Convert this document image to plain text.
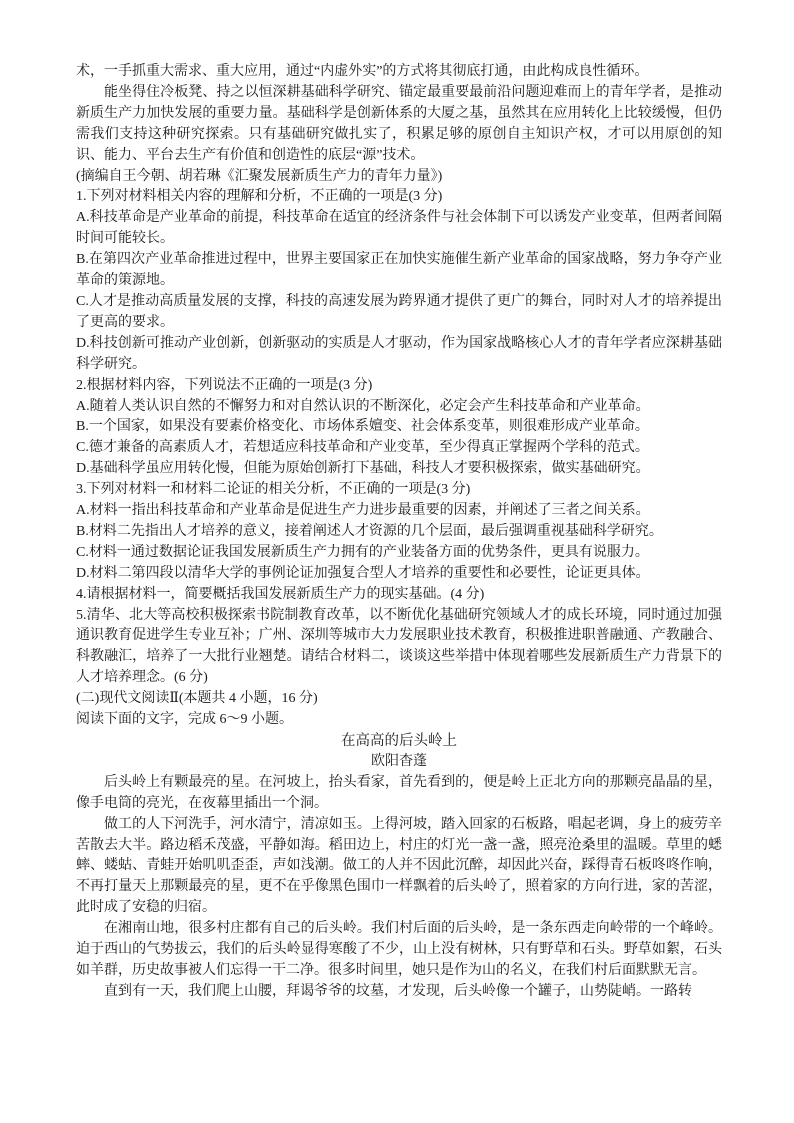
术，一手抓重大需求、重大应用，通过“内虚外实”的方式将其彻底打通，由此构成良性循环。

能坐得住冷板凳、持之以恒深耕基础科学研究、锚定最重要最前沿问题迎难而上的青年学者，是推动新质生产力加快发展的重要力量。基础科学是创新体系的大厦之基，虽然其在应用转化上比较缓慢，但仍需我们支持这种研究探索。只有基础研究做扎实了，积累足够的原创自主知识产权，才可以用原创的知识、能力、平台去生产有价值和创造性的底层“源”技术。

(摘编自王今朝、胡若琳《汇聚发展新质生产力的青年力量》)

1.下列对材料相关内容的理解和分析，不正确的一项是(3 分)

A.科技革命是产业革命的前提，科技革命在适宜的经济条件与社会体制下可以诱发产业变革，但两者间隔时间可能较长。

B.在第四次产业革命推进过程中，世界主要国家正在加快实施催生新产业革命的国家战略，努力争夺产业革命的策源地。

C.人才是推动高质量发展的支撑，科技的高速发展为跨界通才提供了更广的舞台，同时对人才的培养提出了更高的要求。

D.科技创新可推动产业创新，创新驱动的实质是人才驱动，作为国家战略核心人才的青年学者应深耕基础科学研究。

2.根据材料内容，下列说法不正确的一项是(3 分)

A.随着人类认识自然的不懈努力和对自然认识的不断深化，必定会产生科技革命和产业革命。

B.一个国家，如果没有要素价格变化、市场体系嬗变、社会体系变革，则很难形成产业革命。

C.德才兼备的高素质人才，若想适应科技革命和产业变革，至少得真正掌握两个学科的范式。

D.基础科学虽应用转化慢，但能为原始创新打下基础，科技人才要积极探索，做实基础研究。

3.下列对材料一和材料二论证的相关分析，不正确的一项是(3 分)

A.材料一指出科技革命和产业革命是促进生产力进步最重要的因素，并阐述了三者之间关系。

B.材料二先指出人才培养的意义，接着阐述人才资源的几个层面，最后强调重视基础科学研究。

C.材料一通过数据论证我国发展新质生产力拥有的产业装备方面的优势条件，更具有说服力。

D.材料二第四段以清华大学的事例论证加强复合型人才培养的重要性和必要性，论证更具体。

4.请根据材料一，简要概括我国发展新质生产力的现实基础。(4 分)

5.清华、北大等高校积极探索书院制教育改革，以不断优化基础研究领域人才的成长环境，同时通过加强通识教育促进学生专业互补；广州、深圳等城市大力发展职业技术教育，积极推进职普融通、产教融合、科教融汇，培养了一大批行业翘楚。请结合材料二，谈谈这些举措中体现着哪些发展新质生产力背景下的人才培养理念。(6 分)

(二)现代文阅读Ⅱ(本题共 4 小题，16 分)

阅读下面的文字，完成 6～9 小题。

在高高的后头岭上

欧阳杳蓬

后头岭上有颗最亮的星。在河坡上，抬头看家，首先看到的，便是岭上正北方向的那颗亮晶晶的星，像手电筒的亮光，在夜幕里插出一个洞。

做工的人下河洗手，河水清宁，清凉如玉。上得河坡，踏入回家的石板路，唱起老调，身上的疲劳辛苦散去大半。路边稻禾茂盛，平静如海。稻田边上，村庄的灯光一盏一盏，照亮沧桑里的温暖。草里的蟋蟀、蝼蛄、青蛙开始叽叽歪歪，声如浅潮。做工的人并不因此沉醉，却因此兴奋，踩得青石板咚咚作响，不再打量天上那颗最亮的星，更不在乎像黑色围巾一样飘着的后头岭了，照着家的方向行进，家的苦涩，此时成了安稳的归宿。

在湘南山地，很多村庄都有自己的后头岭。我们村后面的后头岭，是一条东西走向岭带的一个峰岭。迫于西山的气势拔云，我们的后头岭显得寒酸了不少，山上没有树林，只有野草和石头。野草如絮，石头如羊群，历史故事被人们忘得一干二净。很多时间里，她只是作为山的名义，在我们村后面默默无言。

直到有一天，我们爬上山腰，拜谒爷爷的坟墓，才发现，后头岭像一个罐子，山势陡峭。一路转
